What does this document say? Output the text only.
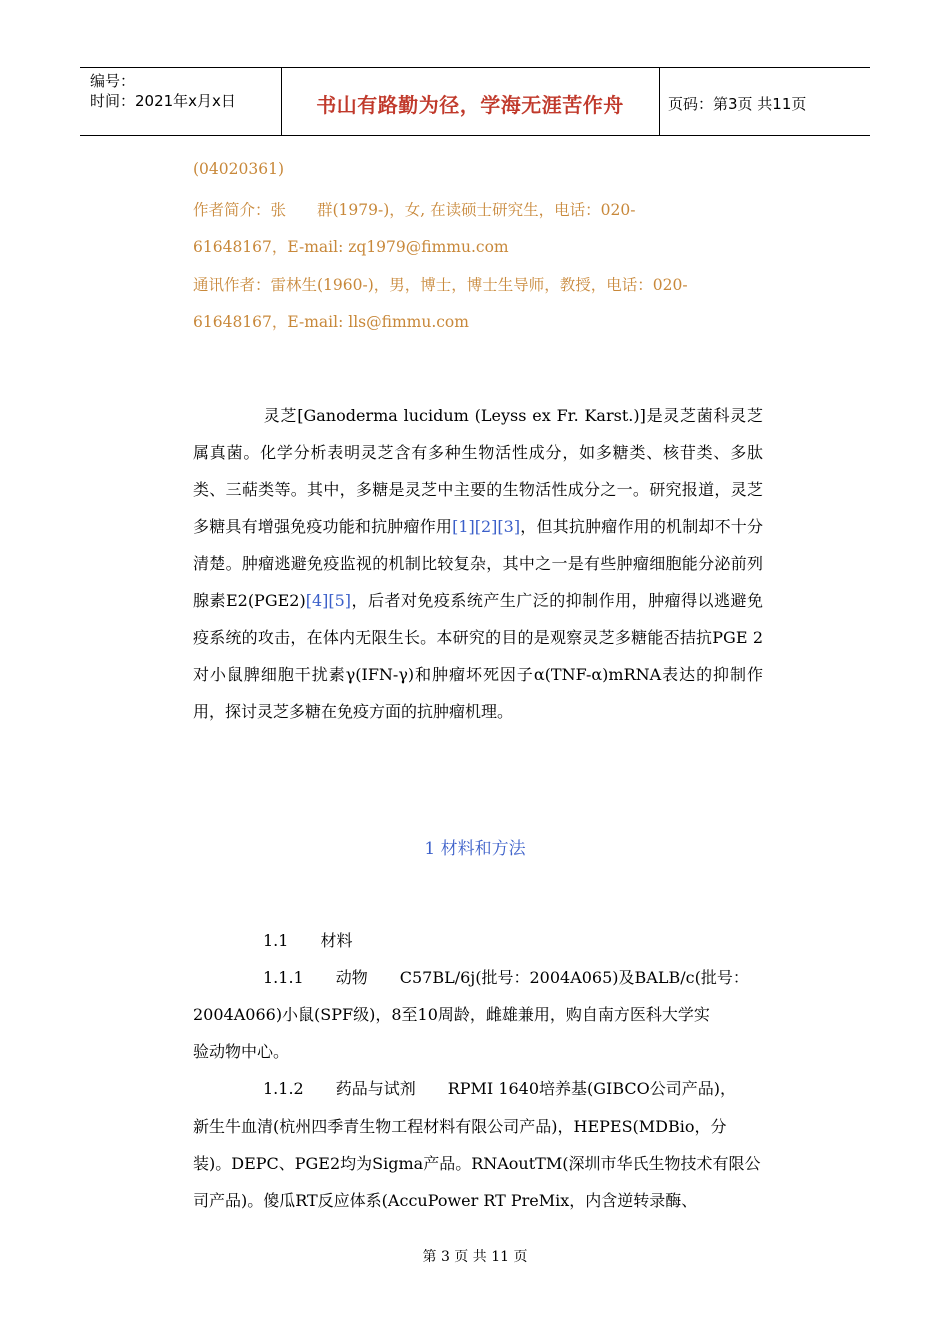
编号：
时间：2021年x月x日	书山有路勤为径，学海无涯苦作舟	页码：第3页 共11页
(04020361)
作者简介：张　　群(1979-)，女, 在读硕士研究生，电话：020-
61648167，E-mail: zq1979@fimmu.com
通讯作者：雷林生(1960-)，男，博士，博士生导师，教授，电话：020-
61648167，E-mail: lls@fimmu.com
灵芝[Ganoderma lucidum (Leyss ex Fr. Karst.)]是灵芝菌科灵芝属真菌。化学分析表明灵芝含有多种生物活性成分，如多糖类、核苷类、多肽类、三萜类等。其中，多糖是灵芝中主要的生物活性成分之一。研究报道，灵芝多糖具有增强免疫功能和抗肿瘤作用[1][2][3]，但其抗肿瘤作用的机制却不十分清楚。肿瘤逃避免疫监视的机制比较复杂，其中之一是有些肿瘤细胞能分泌前列腺素E2(PGE2)[4][5]，后者对免疫系统产生广泛的抑制作用，肿瘤得以逃避免疫系统的攻击，在体内无限生长。本研究的目的是观察灵芝多糖能否拮抗PGE 2对小鼠脾细胞干扰素γ(IFN-γ)和肿瘤坏死因子α(TNF-α)mRNA表达的抑制作用，探讨灵芝多糖在免疫方面的抗肿瘤机理。
1 材料和方法
1.1　　材料
1.1.1　　动物　　C57BL/6j(批号：2004A065)及BALB/c(批号：
2004A066)小鼠(SPF级)，8至10周龄，雌雄兼用，购自南方医科大学实
验动物中心。
1.1.2　　药品与试剂　　RPMI 1640培养基(GIBCO公司产品)，
新生牛血清(杭州四季青生物工程材料有限公司产品)，HEPES(MDBio，分
装)。DEPC、PGE2均为Sigma产品。RNAoutTM(深圳市华氏生物技术有限公
司产品)。傻瓜RT反应体系(AccuPower RT PreMix，内含逆转录酶、
第 3 页 共 11 页
